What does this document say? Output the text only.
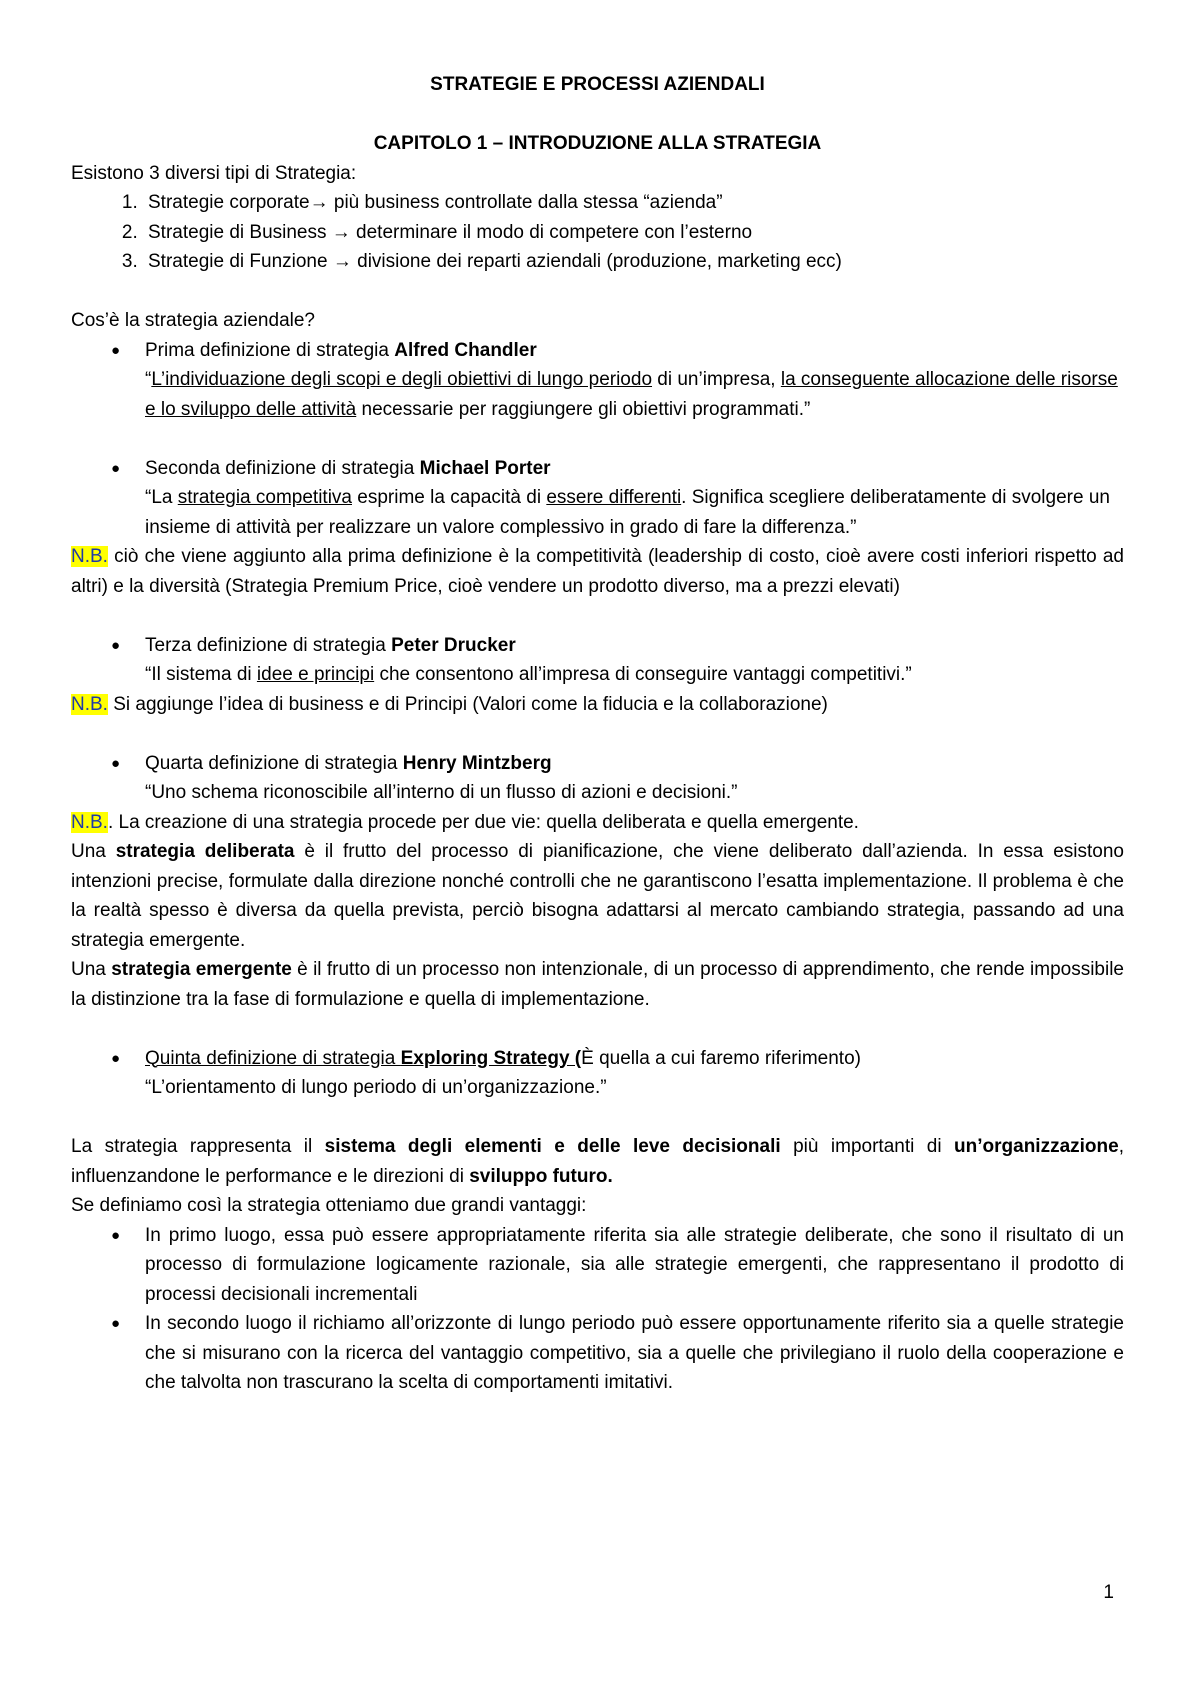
STRATEGIE E PROCESSI AZIENDALI

CAPITOLO 1 – INTRODUZIONE ALLA STRATEGIA

Esistono 3 diversi tipi di Strategia:

1. Strategie corporate→ più business controllate dalla stessa “azienda”
2. Strategie di Business → determinare il modo di competere con l’esterno
3. Strategie di Funzione → divisione dei reparti aziendali (produzione, marketing ecc)

Cos’è la strategia aziendale?

● Prima definizione di strategia Alfred Chandler
“L’individuazione degli scopi e degli obiettivi di lungo periodo di un’impresa, la conseguente allocazione delle risorse e lo sviluppo delle attività necessarie per raggiungere gli obiettivi programmati.”
● Seconda definizione di strategia Michael Porter
“La strategia competitiva esprime la capacità di essere differenti. Significa scegliere deliberatamente di svolgere un insieme di attività per realizzare un valore complessivo in grado di fare la differenza.”

N.B. ciò che viene aggiunto alla prima definizione è la competitività (leadership di costo, cioè avere costi inferiori rispetto ad altri) e la diversità (Strategia Premium Price, cioè vendere un prodotto diverso, ma a prezzi elevati)

● Terza definizione di strategia Peter Drucker
“Il sistema di idee e principi che consentono all’impresa di conseguire vantaggi competitivi.”

N.B. Si aggiunge l’idea di business e di Principi (Valori come la fiducia e la collaborazione)

● Quarta definizione di strategia Henry Mintzberg
“Uno schema riconoscibile all’interno di un flusso di azioni e decisioni.”

N.B.. La creazione di una strategia procede per due vie: quella deliberata e quella emergente.

Una strategia deliberata è il frutto del processo di pianificazione, che viene deliberato dall’azienda. In essa esistono intenzioni precise, formulate dalla direzione nonché controlli che ne garantiscono l’esatta implementazione. Il problema è che la realtà spesso è diversa da quella prevista, perciò bisogna adattarsi al mercato cambiando strategia, passando ad una strategia emergente.

Una strategia emergente è il frutto di un processo non intenzionale, di un processo di apprendimento, che rende impossibile la distinzione tra la fase di formulazione e quella di implementazione.

● Quinta definizione di strategia Exploring Strategy (È quella a cui faremo riferimento)
“L’orientamento di lungo periodo di un’organizzazione.”

La strategia rappresenta il sistema degli elementi e delle leve decisionali più importanti di un’organizzazione, influenzandone le performance e le direzioni di sviluppo futuro.

Se definiamo così la strategia otteniamo due grandi vantaggi:

● In primo luogo, essa può essere appropriatamente riferita sia alle strategie deliberate, che sono il risultato di un processo di formulazione logicamente razionale, sia alle strategie emergenti, che rappresentano il prodotto di processi decisionali incrementali
● In secondo luogo il richiamo all’orizzonte di lungo periodo può essere opportunamente riferito sia a quelle strategie che si misurano con la ricerca del vantaggio competitivo, sia a quelle che privilegiano il ruolo della cooperazione e che talvolta non trascurano la scelta di comportamenti imitativi.
1
